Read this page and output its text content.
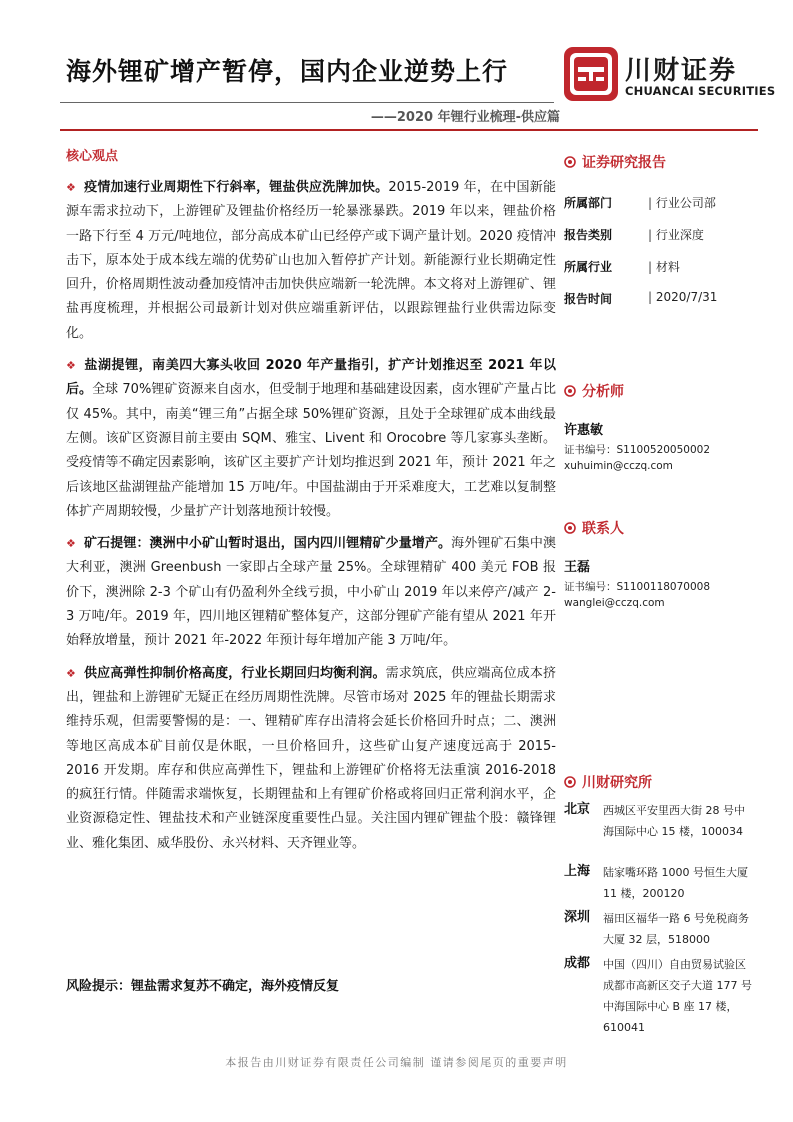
海外锂矿增产暂停，国内企业逆势上行	川财证券
CHUANCAI SECURITIES
——2020 年锂行业梳理-供应篇
核心观点

❖ 疫情加速行业周期性下行斜率，锂盐供应洗牌加快。2015-2019 年，在中国新能源车需求拉动下，上游锂矿及锂盐价格经历一轮暴涨暴跌。2019 年以来，锂盐价格一路下行至 4 万元/吨地位，部分高成本矿山已经停产或下调产量计划。2020 疫情冲击下，原本处于成本线左端的优势矿山也加入暂停扩产计划。新能源行业长期确定性回升，价格周期性波动叠加疫情冲击加快供应端新一轮洗牌。本文将对上游锂矿、锂盐再度梳理，并根据公司最新计划对供应端重新评估，以跟踪锂盐行业供需边际变化。

❖ 盐湖提锂，南美四大寡头收回 2020 年产量指引，扩产计划推迟至 2021 年以后。全球 70%锂矿资源来自卤水，但受制于地理和基础建设因素，卤水锂矿产量占比仅 45%。其中，南美“锂三角”占据全球 50%锂矿资源，且处于全球锂矿成本曲线最左侧。该矿区资源目前主要由 SQM、雅宝、Livent 和 Orocobre 等几家寡头垄断。受疫情等不确定因素影响，该矿区主要扩产计划均推迟到 2021 年，预计 2021 年之后该地区盐湖锂盐产能增加 15 万吨/年。中国盐湖由于开采难度大，工艺难以复制整体扩产周期较慢，少量扩产计划落地预计较慢。

❖ 矿石提锂：澳洲中小矿山暂时退出，国内四川锂精矿少量增产。海外锂矿石集中澳大利亚，澳洲 Greenbush 一家即占全球产量 25%。全球锂精矿 400 美元 FOB 报价下，澳洲除 2-3 个矿山有仍盈利外全线亏损，中小矿山 2019 年以来停产/减产 2-3 万吨/年。2019 年，四川地区锂精矿整体复产，这部分锂矿产能有望从 2021 年开始释放增量，预计 2021 年-2022 年预计每年增加产能 3 万吨/年。

❖ 供应高弹性抑制价格高度，行业长期回归均衡利润。需求筑底，供应端高位成本挤出，锂盐和上游锂矿无疑正在经历周期性洗牌。尽管市场对 2025 年的锂盐长期需求维持乐观，但需要警惕的是：一、锂精矿库存出清将会延长价格回升时点；二、澳洲等地区高成本矿目前仅是休眠，一旦价格回升，这些矿山复产速度远高于 2015-2016 开发期。库存和供应高弹性下，锂盐和上游锂矿价格将无法重演 2016-2018 的疯狂行情。伴随需求端恢复，长期锂盐和上有锂矿价格或将回归正常利润水平，企业资源稳定性、锂盐技术和产业链深度重要性凸显。关注国内锂矿锂盐个股：赣锋锂业、雅化集团、威华股份、永兴材料、天齐锂业等。

风险提示：锂盐需求复苏不确定，海外疫情反复
证券研究报告
所属部门	| 行业公司部
报告类别	| 行业深度
所属行业	| 材料
报告时间	| 2020/7/31
分析师
许惠敏
证书编号：S1100520050002
xuhuimin@cczq.com
联系人
王磊
证书编号：S1100118070008
wanglei@cczq.com
川财研究所
北京 西城区平安里西大街 28 号中海国际中心 15 楼，100034
上海 陆家嘴环路 1000 号恒生大厦 11 楼，200120
深圳 福田区福华一路 6 号免税商务大厦 32 层，518000
成都 中国（四川）自由贸易试验区成都市高新区交子大道 177 号中海国际中心 B 座 17 楼，610041
本报告由川财证券有限责任公司编制 谨请参阅尾页的重要声明
